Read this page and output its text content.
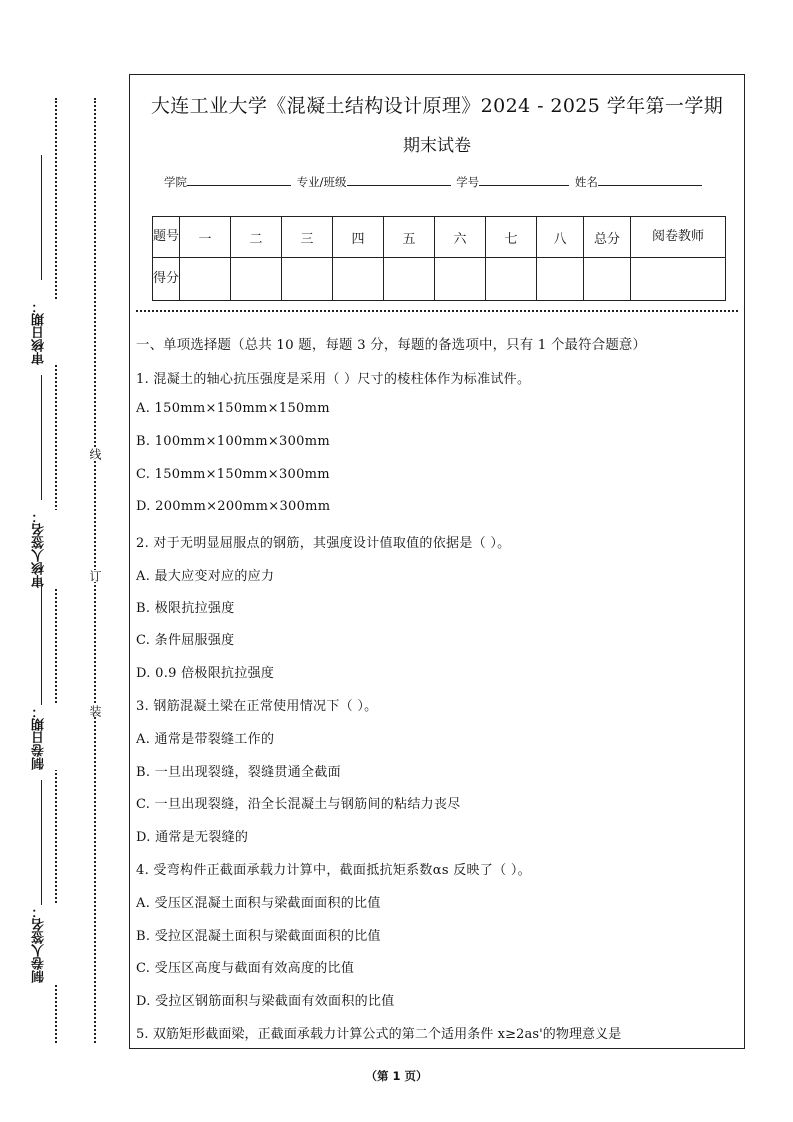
审核日期：
审核人签名：
制卷日期：
制卷人签名：
线
订
装
大连工业大学《混凝土结构设计原理》2024 - 2025 学年第一学期
期末试卷
学院	专业/班级	学号	姓名
题号	一	二	三	四	五	六	七	八	总分	阅卷教师
得分										
一、单项选择题（总共 10 题，每题 3 分，每题的备选项中，只有 1 个最符合题意）
1. 混凝土的轴心抗压强度是采用（ ）尺寸的棱柱体作为标准试件。
A. 150mm×150mm×150mm
B. 100mm×100mm×300mm
C. 150mm×150mm×300mm
D. 200mm×200mm×300mm
2. 对于无明显屈服点的钢筋，其强度设计值取值的依据是（ ）。
A. 最大应变对应的应力
B. 极限抗拉强度
C. 条件屈服强度
D. 0.9 倍极限抗拉强度
3. 钢筋混凝土梁在正常使用情况下（ ）。
A. 通常是带裂缝工作的
B. 一旦出现裂缝，裂缝贯通全截面
C. 一旦出现裂缝，沿全长混凝土与钢筋间的粘结力丧尽
D. 通常是无裂缝的
4. 受弯构件正截面承载力计算中，截面抵抗矩系数αs 反映了（ ）。
A. 受压区混凝土面积与梁截面面积的比值
B. 受拉区混凝土面积与梁截面面积的比值
C. 受压区高度与截面有效高度的比值
D. 受拉区钢筋面积与梁截面有效面积的比值
5. 双筋矩形截面梁，正截面承载力计算公式的第二个适用条件 x≥2as'的物理意义是
（第 1 页）
